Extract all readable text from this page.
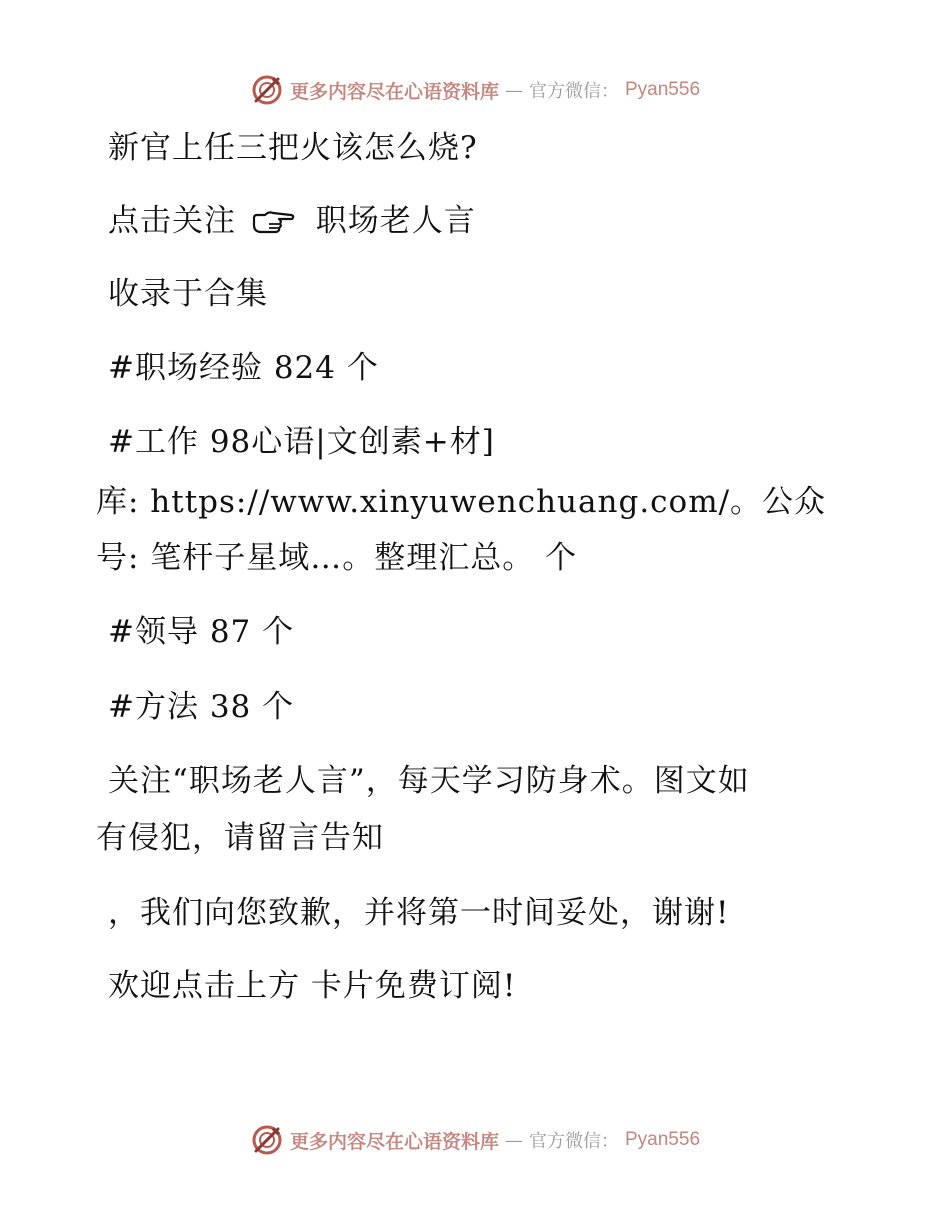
更多内容尽在心语资料库 — 官方微信： Pyan556
新官上任三把火该怎么烧?
点击关注	职场老人言
收录于合集
#职场经验 824 个
#工作 98心语|文创素+材]
库: https://www.xinyuwenchuang.com/。公众
号: 笔杆子星域…。整理汇总。 个
#领导 87 个
#方法 38 个
关注“职场老人言”，每天学习防身术。图文如
有侵犯，请留言告知
，我们向您致歉，并将第一时间妥处，谢谢!
欢迎点击上方 卡片免费订阅!
更多内容尽在心语资料库 — 官方微信： Pyan556
